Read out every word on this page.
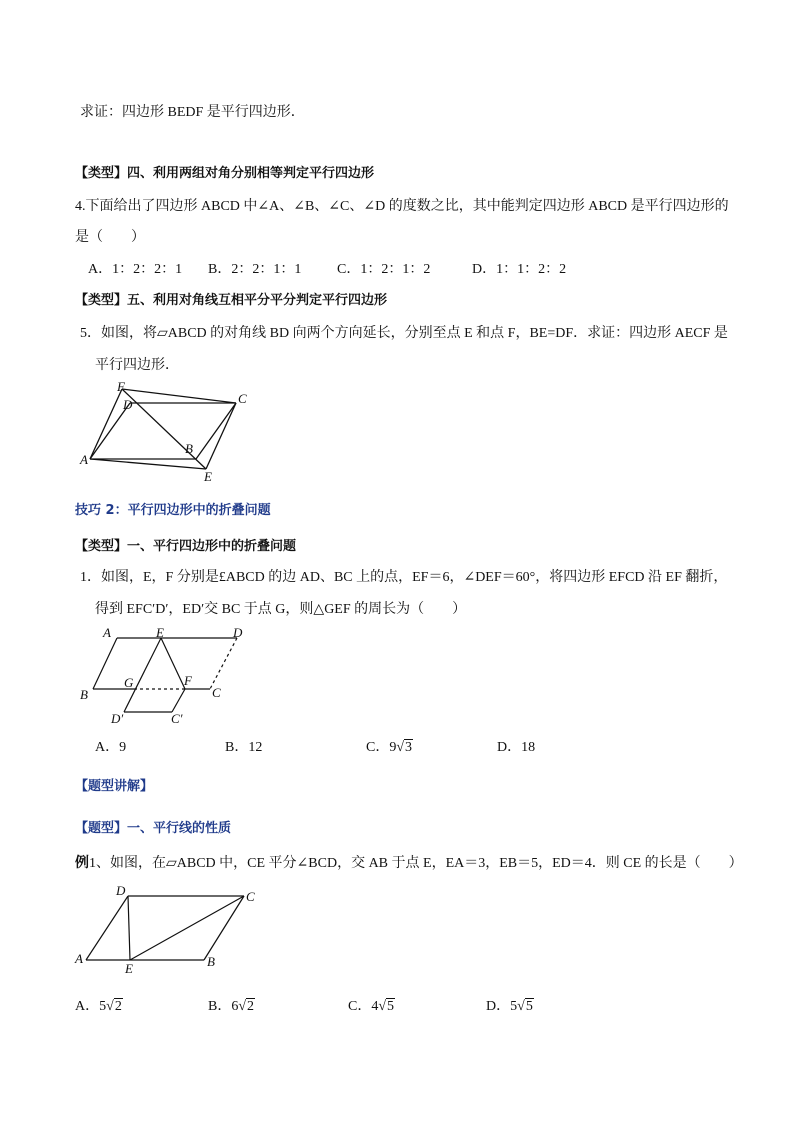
求证：四边形 BEDF 是平行四边形．
【类型】四、利用两组对角分别相等判定平行四边形
4.下面给出了四边形 ABCD 中∠A、∠B、∠C、∠D 的度数之比，其中能判定四边形 ABCD 是平行四边形的
是（　　）
A．1：2：2：1 B．2：2：1：1	C．1：2：1：2	D．1：1：2：2
【类型】五、利用对角线互相平分平分判定平行四边形
5．如图，将▱ABCD 的对角线 BD 向两个方向延长，分别至点 E 和点 F，BE=DF．求证：四边形 AECF 是
平行四边形．
F
D	C
A
B
E
技巧 2：平行四边形中的折叠问题
【类型】一、平行四边形中的折叠问题
1．如图，E，F 分别是£ABCD 的边 AD、BC 上的点，EF＝6，∠DEF＝60°，将四边形 EFCD 沿 EF 翻折，
得到 EFC′D′，ED′交 BC 于点 G，则△GEF 的周长为（　　）
A	E	D
B
G	F
C
D′	C′
A．9	B．12	C．9√3	D．18
【题型讲解】
【题型】一、平行线的性质
例1、如图，在▱ABCD 中，CE 平分∠BCD，交 AB 于点 E，EA＝3，EB＝5，ED＝4．则 CE 的长是（　　）
D	C
A
E	B
A．5√2	B．6√2	C．4√5	D．5√5
